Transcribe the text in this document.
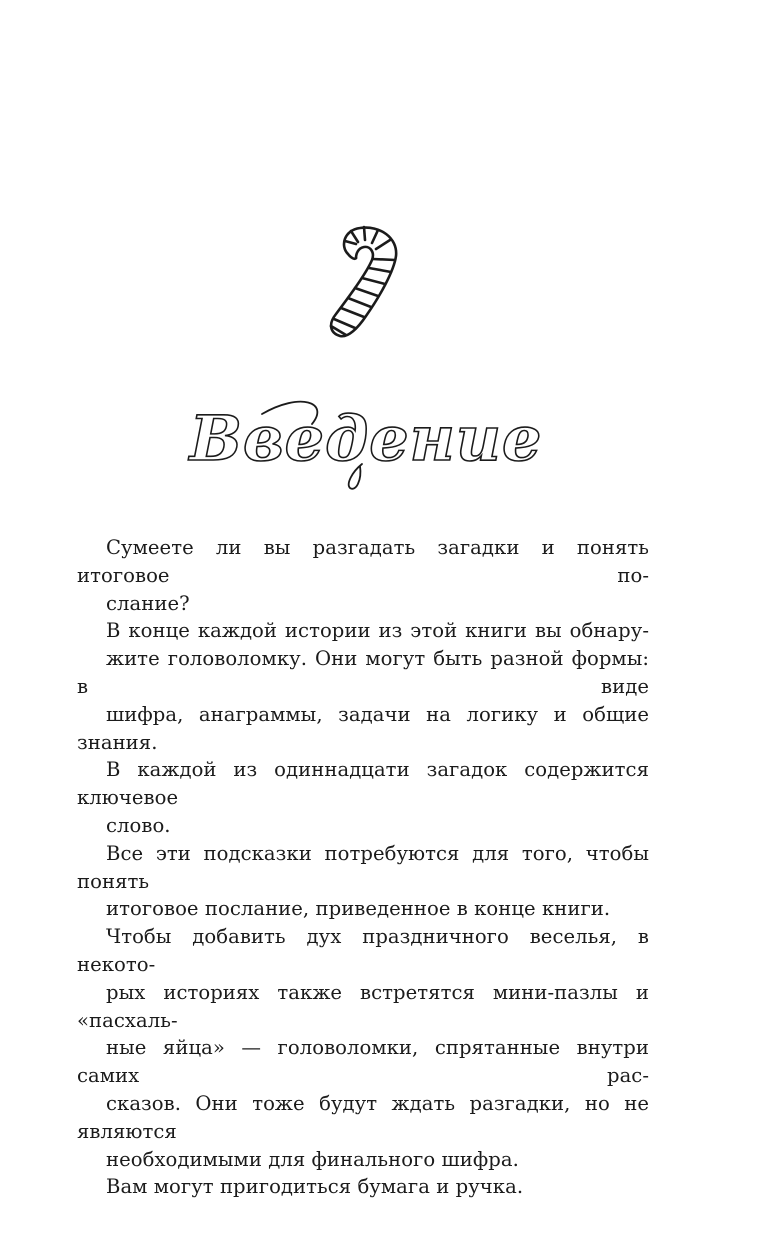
Введение

Сумеете ли вы разгадать загадки и понять итоговое по-
слание?

В конце каждой истории из этой книги вы обнару-
жите головоломку. Они могут быть разной формы: в виде
шифра, анаграммы, задачи на логику и общие знания.

В каждой из одиннадцати загадок содержится ключевое
слово.

Все эти подсказки потребуются для того, чтобы понять
итоговое послание, приведенное в конце книги.

Чтобы добавить дух праздничного веселья, в некото-
рых историях также встретятся мини-пазлы и «пасхаль-
ные яйца» — головоломки, спрятанные внутри самих рас-
сказов. Они тоже будут ждать разгадки, но не являются
необходимыми для финального шифра.

Вам могут пригодиться бумага и ручка.
